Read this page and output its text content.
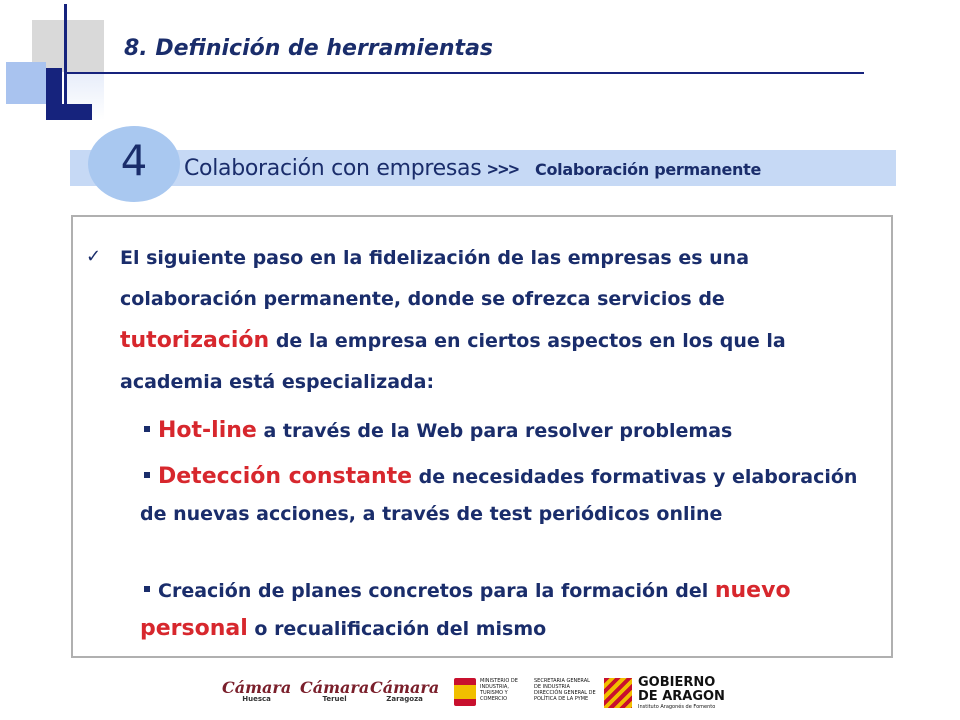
8. Definición de herramientas
4	Colaboración con empresas >>> Colaboración permanente
✓ El siguiente paso en la fidelización de las empresas es una colaboración permanente, donde se ofrezca servicios de tutorización de la empresa en ciertos aspectos en los que la academia está especializada:

Hot-line a través de la Web para resolver problemas

Detección constante de necesidades formativas y elaboración de nuevas acciones, a través de test periódicos online

Creación de planes concretos para la formación del nuevo personal o recualificación del mismo

Cámara
Huesca
Cámara
Teruel
Cámara
Zaragoza
MINISTERIO DE INDUSTRIA, TURISMO Y COMERCIO
SECRETARIA GENERAL DE INDUSTRIA DIRECCIÓN GENERAL DE POLÍTICA DE LA PYME
GOBIERNO DE ARAGON
Instituto Aragonés de Fomento
